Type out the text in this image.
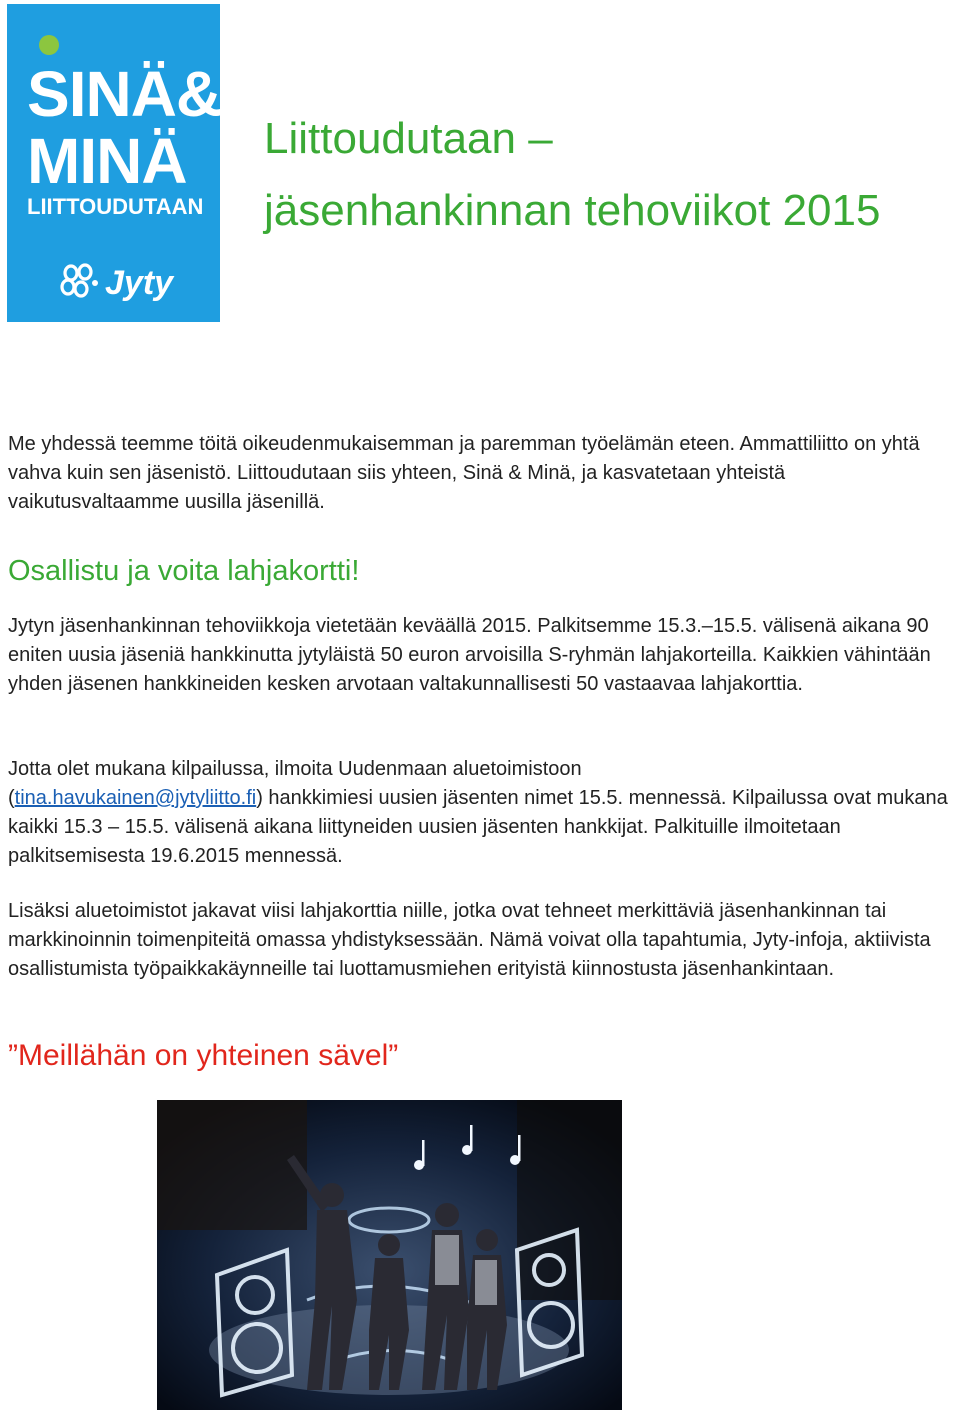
SINÄ&
MINÄ
LIITTOUDUTAAN
Jyty
Liittoudutaan –
jäsenhankinnan tehoviikot 2015

Me yhdessä teemme töitä oikeudenmukaisemman ja paremman työelämän eteen. Ammattiliitto on yhtä vahva kuin sen jäsenistö. Liittoudutaan siis yhteen, Sinä & Minä, ja kasvatetaan yhteistä vaikutusvaltaamme uusilla jäsenillä.

Osallistu ja voita lahjakortti!

Jytyn jäsenhankinnan tehoviikkoja vietetään keväällä 2015. Palkitsemme 15.3.–15.5. välisenä aikana 90 eniten uusia jäseniä hankkinutta jytyläistä 50 euron arvoisilla S-ryhmän lahjakorteilla. Kaikkien vähintään yhden jäsenen hankkineiden kesken arvotaan valtakunnallisesti 50 vastaavaa lahjakorttia.

Jotta olet mukana kilpailussa, ilmoita Uudenmaan aluetoimistoon
(tina.havukainen@jytyliitto.fi) hankkimiesi uusien jäsenten nimet 15.5. mennessä. Kilpailussa ovat mukana kaikki 15.3 – 15.5. välisenä aikana liittyneiden uusien jäsenten hankkijat. Palkituille ilmoitetaan palkitsemisesta 19.6.2015 mennessä.

Lisäksi aluetoimistot jakavat viisi lahjakorttia niille, jotka ovat tehneet merkittäviä jäsenhankinnan tai markkinoinnin toimenpiteitä omassa yhdistyksessään. Nämä voivat olla tapahtumia, Jyty-infoja, aktiivista osallistumista työpaikkakäynneille tai luottamusmiehen erityistä kiinnostusta jäsenhankintaan.

”Meillähän on yhteinen sävel”
